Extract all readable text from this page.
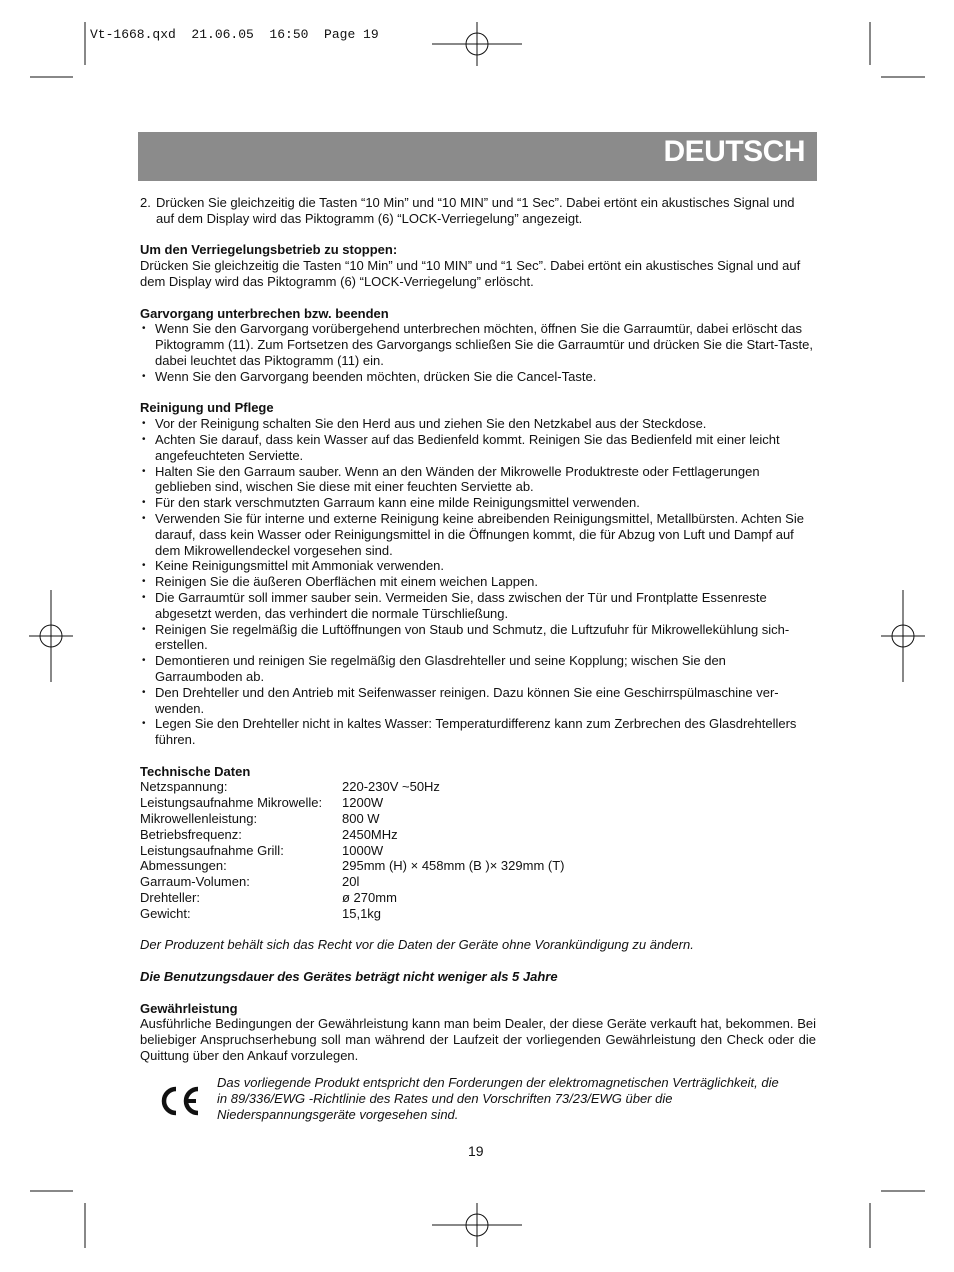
Vt-1668.qxd  21.06.05  16:50  Page 19
DEUTSCH
2. Drücken Sie gleichzeitig die Tasten “10 Min” und “10 MIN” und “1 Sec”. Dabei ertönt ein akustisches Signal und auf dem Display wird das Piktogramm (6) “LOCK-Verriegelung” angezeigt.

Um den Verriegelungsbetrieb zu stoppen:

Drücken Sie gleichzeitig die Tasten “10 Min” und “10 MIN” und “1 Sec”. Dabei ertönt ein akustisches Signal und auf dem Display wird das Piktogramm (6) “LOCK-Verriegelung” erlöscht.

Garvorgang unterbrechen bzw. beenden

• Wenn Sie den Garvorgang vorübergehend unterbrechen möchten, öffnen Sie die Garraumtür, dabei erlöscht das Piktogramm (11). Zum Fortsetzen des Garvorgangs schließen Sie die Garraumtür und drücken Sie die Start-Taste, dabei leuchtet das Piktogramm (11) ein.
• Wenn Sie den Garvorgang beenden möchten, drücken Sie die Cancel-Taste.

Reinigung und Pflege

• Vor der Reinigung schalten Sie den Herd aus und ziehen Sie den Netzkabel aus der Steckdose.
• Achten Sie darauf, dass kein Wasser auf das Bedienfeld kommt. Reinigen Sie das Bedienfeld mit einer leicht angefeuchteten Serviette.
• Halten Sie den Garraum sauber. Wenn an den Wänden der Mikrowelle Produktreste oder Fettlagerungen geblieben sind, wischen Sie diese mit einer feuchten Serviette ab.
• Für den stark verschmutzten Garraum kann eine milde Reinigungsmittel verwenden.
• Verwenden Sie für interne und externe Reinigung keine abreibenden Reinigungsmittel, Metallbürsten. Achten Sie darauf, dass kein Wasser oder Reinigungsmittel in die Öffnungen kommt, die für Abzug von Luft und Dampf auf dem Mikrowellendeckel vorgesehen sind.
• Keine Reinigungsmittel mit Ammoniak verwenden.
• Reinigen Sie die äußeren Oberflächen mit einem weichen Lappen.
• Die Garraumtür soll immer sauber sein. Vermeiden Sie, dass zwischen der Tür und Frontplatte Essenreste abgesetzt werden, das verhindert die normale Türschließung.
• Reinigen Sie regelmäßig die Luftöffnungen von Staub und Schmutz, die Luftzufuhr für Mikrowellekühlung sich-erstellen.
• Demontieren und reinigen Sie regelmäßig den Glasdrehteller und seine Kopplung; wischen Sie den Garraumboden ab.
• Den Drehteller und den Antrieb mit Seifenwasser reinigen. Dazu können Sie eine Geschirrspülmaschine ver-wenden.
• Legen Sie den Drehteller nicht in kaltes Wasser: Temperaturdifferenz kann zum Zerbrechen des Glasdrehtellers führen.

Technische Daten

Netzspannung:	220-230V ~50Hz
Leistungsaufnahme Mikrowelle:	1200W
Mikrowellenleistung:	800 W
Betriebsfrequenz:	2450MHz
Leistungsaufnahme Grill:	1000W
Abmessungen:	295mm (H) × 458mm (B )× 329mm (T)
Garraum-Volumen:	20l
Drehteller:	ø 270mm
Gewicht:	15,1kg

Der Produzent behält sich das Recht vor die Daten der Geräte ohne Vorankündigung zu ändern.

Die Benutzungsdauer des Gerätes beträgt nicht weniger als 5 Jahre

Gewährleistung

Ausführliche Bedingungen der Gewährleistung kann man beim Dealer, der diese Geräte verkauft hat, bekommen. Bei beliebiger Anspruchserhebung soll man während der Laufzeit der vorliegenden Gewährleistung den Check oder die Quittung über den Ankauf vorzulegen.

Das vorliegende Produkt entspricht den Forderungen der elektromagnetischen Verträglichkeit, die

in 89/336/EWG -Richtlinie des Rates und den Vorschriften 73/23/EWG über die

Niederspannungsgeräte vorgesehen sind.

19
